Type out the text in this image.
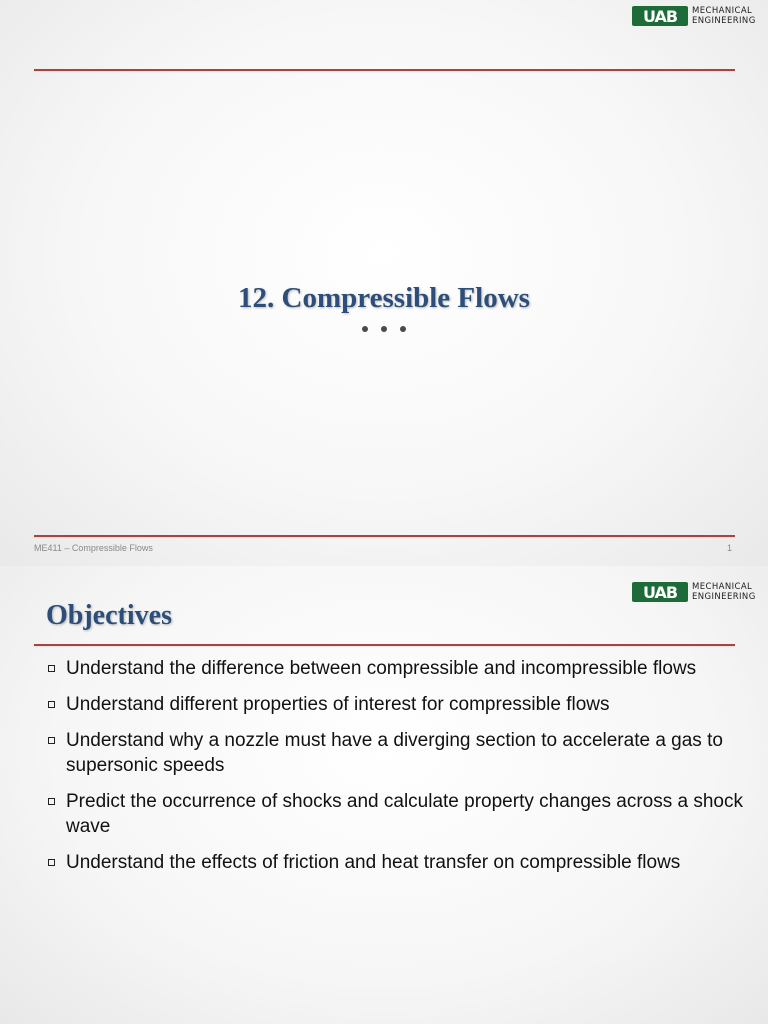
UAB	MECHANICAL
ENGINEERING
12. Compressible Flows
ME411 – Compressible Flows	1
UAB	MECHANICAL
ENGINEERING
Objectives
Understand the difference between compressible and incompressible flows
Understand different properties of interest for compressible flows
Understand why a nozzle must have a diverging section to accelerate a gas to supersonic speeds
Predict the occurrence of shocks and calculate property changes across a shock wave
Understand the effects of friction and heat transfer on compressible flows
